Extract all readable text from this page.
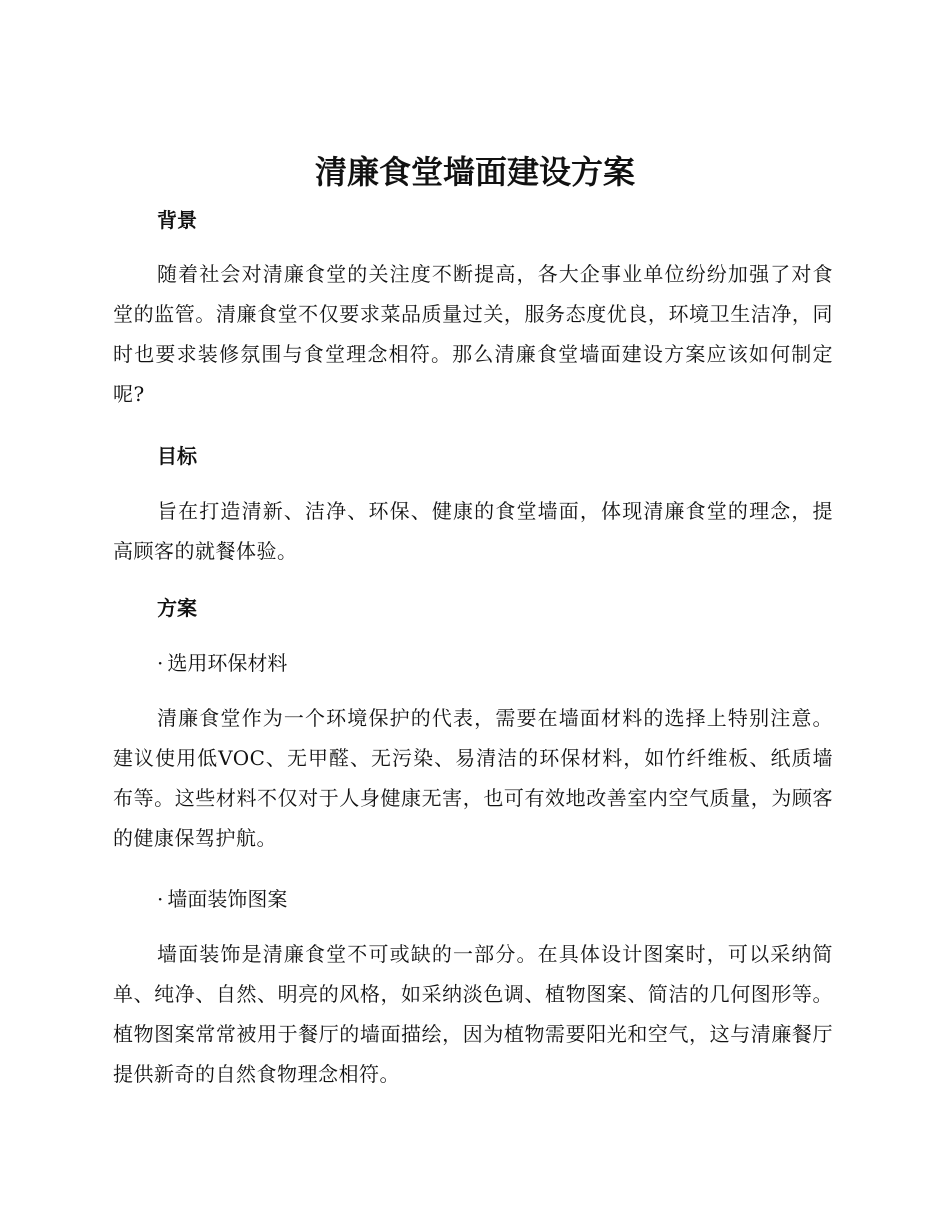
清廉食堂墙面建设方案
背景
随着社会对清廉食堂的关注度不断提高，各大企事业单位纷纷加强了对食堂的监管。清廉食堂不仅要求菜品质量过关，服务态度优良，环境卫生洁净，同时也要求装修氛围与食堂理念相符。那么清廉食堂墙面建设方案应该如何制定呢?
目标
旨在打造清新、洁净、环保、健康的食堂墙面，体现清廉食堂的理念，提高顾客的就餐体验。
方案
· 选用环保材料
清廉食堂作为一个环境保护的代表，需要在墙面材料的选择上特别注意。建议使用低VOC、无甲醛、无污染、易清洁的环保材料，如竹纤维板、纸质墙布等。这些材料不仅对于人身健康无害，也可有效地改善室内空气质量，为顾客的健康保驾护航。
· 墙面装饰图案
墙面装饰是清廉食堂不可或缺的一部分。在具体设计图案时，可以采纳简单、纯净、自然、明亮的风格，如采纳淡色调、植物图案、简洁的几何图形等。植物图案常常被用于餐厅的墙面描绘，因为植物需要阳光和空气，这与清廉餐厅提供新奇的自然食物理念相符。
